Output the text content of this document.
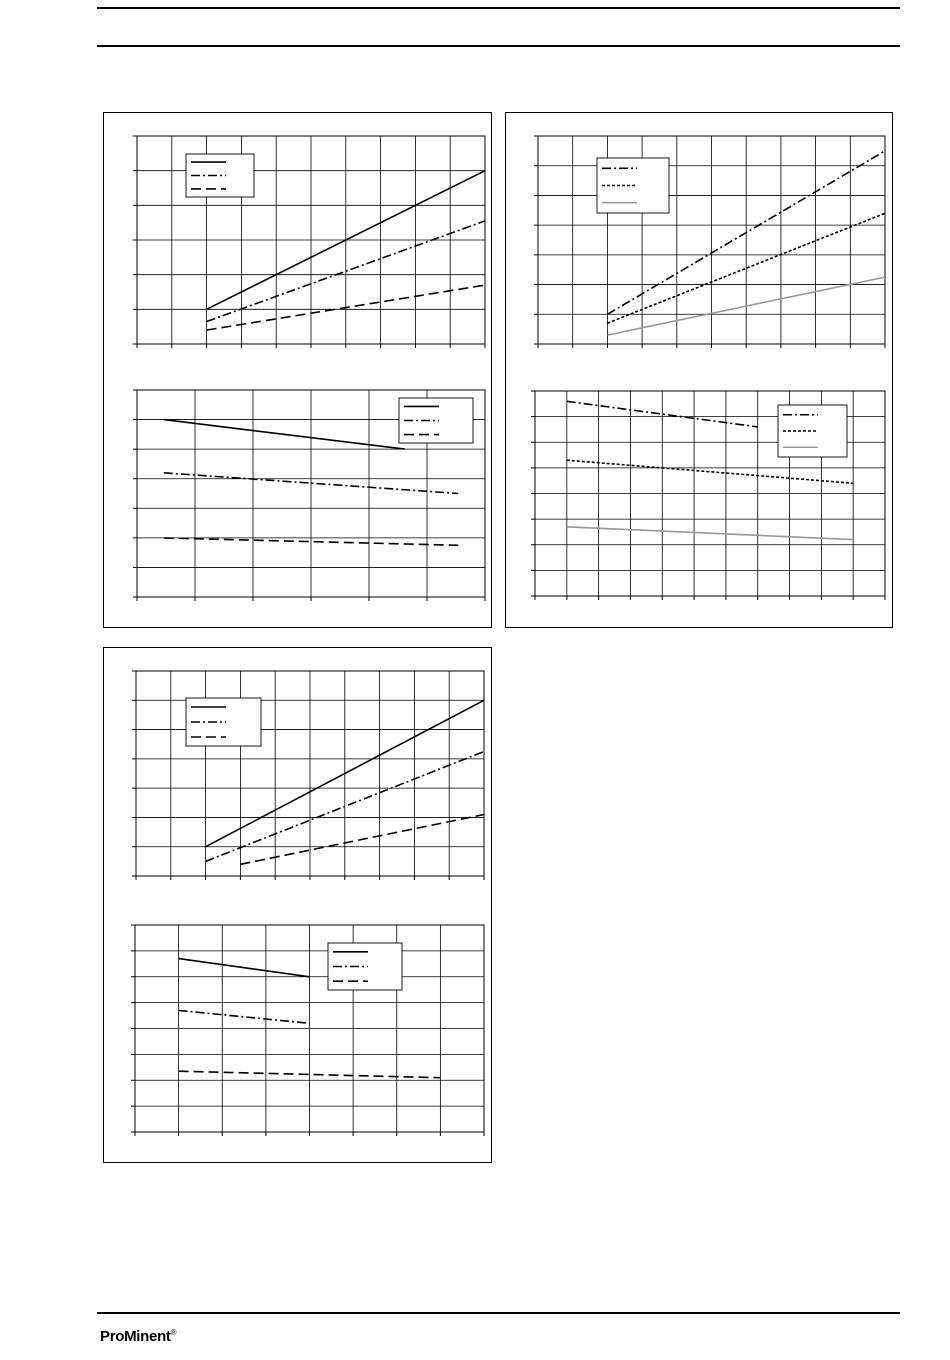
ProMinent®
